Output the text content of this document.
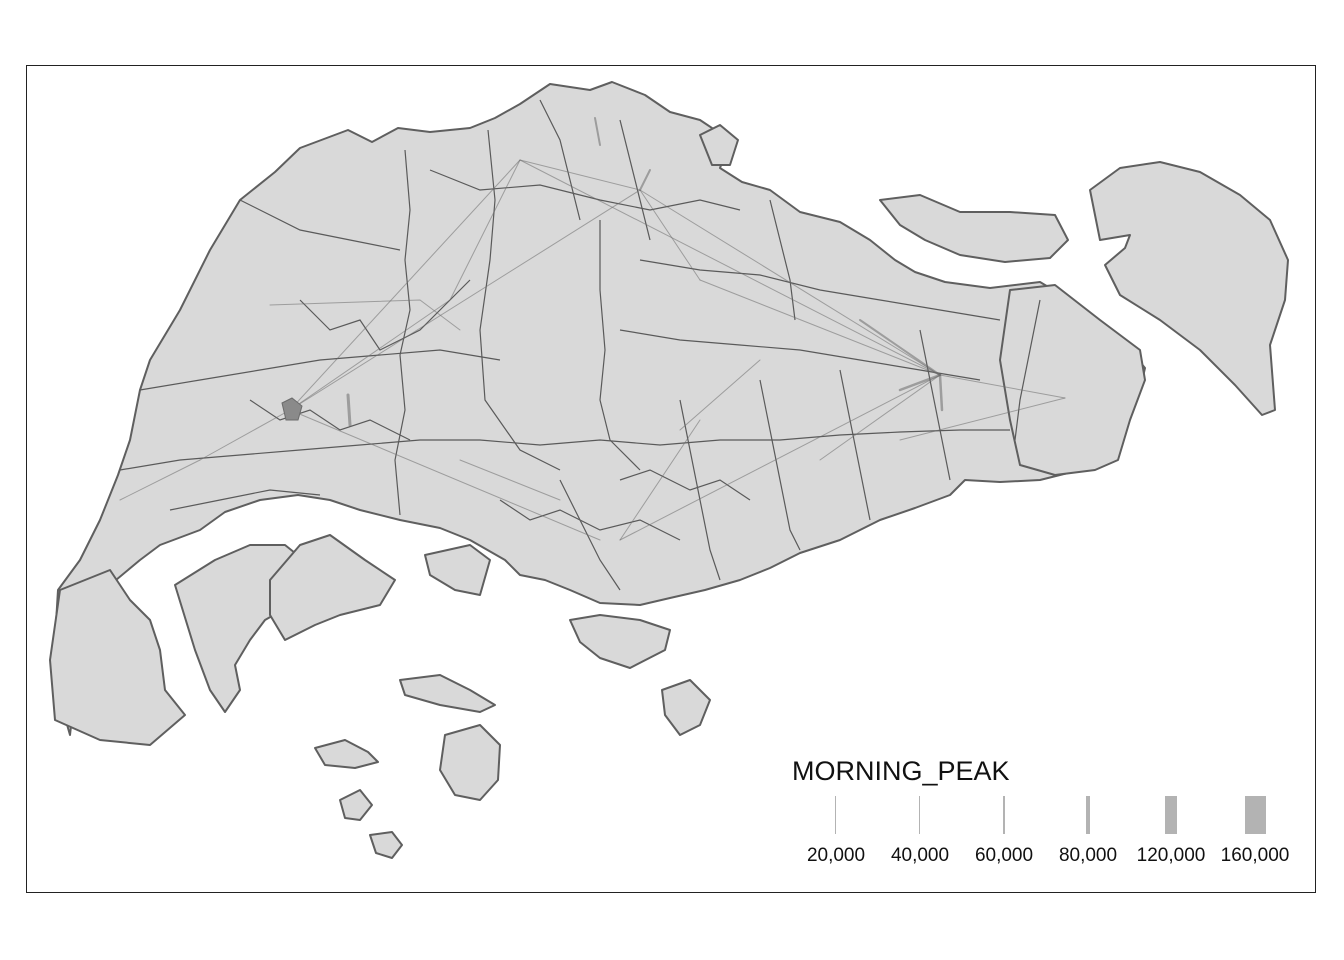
MORNING_PEAK
20,000	40,000	60,000	80,000	120,000 160,000
